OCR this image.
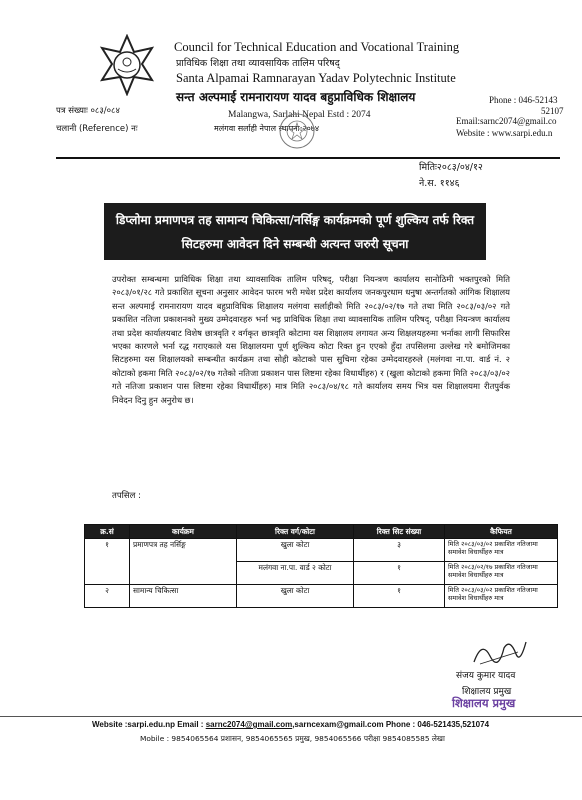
Council for Technical Education and Vocational Training
प्राविधिक शिक्षा तथा व्यावसायिक तालिम परिषद्
Santa Alpamai Ramnarayan Yadav Polytechnic Institute
सन्त अल्पमाई रामनारायण यादव बहुप्राविधिक शिक्षालय
Malangwa, Sarlahi Nepal Estd : 2074
मलंगवा सर्लाही नेपाल स्थापना:२०७४
पत्र संख्याः ०८३/०८४
चलानी (Reference) नः
Phone : 046-52143
52107
Email:sarnc2074@gmail.co
Website : www.sarpi.edu.n
मितिः२०८३/०४/१२
ने.स. ११४६
डिप्लोमा प्रमाणपत्र तह सामान्य चिकित्सा/नर्सिङ्ग कार्यक्रमको पूर्ण शुल्किय तर्फ रिक्त
सिटहरुमा आवेदन दिने सम्बन्धी अत्यन्त जरुरी सूचना
उपरोक्त सम्बन्धमा प्राविधिक शिक्षा तथा व्यावसायिक तालिम परिषद्, परीक्षा नियन्त्रण कार्यालय सानोठिमी भक्तपुरको मिति २०८३/०१/२८ गते प्रकाशित सूचना अनुसार आवेदन फारम भरी मधेश प्रदेश कार्यालय जनकपुरधाम धनुषा अन्तर्गतको आंगिक शिक्षालय सन्त अल्पमाई रामनारायण यादव बहुप्राविधिक शिक्षालय मलंगवा सर्लाहीको मिति २०८३/०२/१७ गते तथा मिति २०८३/०३/०२ गते प्रकाशित नतिजा प्रकाशनको मुख्य उम्मेदवारहरु भर्ना भइ प्राविधिक शिक्षा तथा व्यावसायिक तालिम परिषद्, परीक्षा नियन्त्रण कार्यालय तथा प्रदेश कार्यालयबाट विशेष छात्रवृति र वर्गकृत छात्रवृति कोटामा यस शिक्षालय लगायत अन्य शिक्षलयहरुमा भर्नाका लागी सिफारिस भएका कारणले भर्ना रद्ध गराएकाले यस शिक्षालयमा पूर्ण शुल्किय कोटा रिक्त हुन एएको हुँदा तपसिलमा उल्लेख गरे बमोजिमका सिटहरुमा यस शिक्षालयको सम्बन्धीत कार्यक्रम तथा सोही कोटाको पास सुचिमा रहेका उम्मेदवारहरुले (मलंगवा ना.पा. वार्ड नं. २ कोटाको हकमा मिति २०८३/०२/१७ गतेको नतिजा प्रकाशन पास लिष्टमा रहेका विधार्थीहरु) र (खुला कोटाको हकमा मिति २०८३/०३/०२ गते नतिजा प्रकाशन पास लिष्टमा रहेका विधार्थीहरु) मात्र मिति २०८३/०४/१८ गते कार्यालय समय भित्र यस शिक्षालयमा रीतपुर्वक निवेदन दिनु हुन अनुरोध छ।
तपसिल :
क्र.सं	कार्यक्रम	रिक्त वर्ग/कोटा	रिक्त सिट संख्या	कैफियत
१	प्रमाणपत्र तह नर्सिङ्ग	खुला कोटा	३	मिति २०८३/०३/०२ प्रकाशित नतिजामा समावेश विधार्थीहरु मात्र
		मलंगवा ना.पा. वार्ड २ कोटा	१	मिति २०८३/०२/१७ प्रकाशित नतिजामा समावेश विधार्थीहरु मात्र
२	सामान्य चिकित्सा	खुला कोटा	१	मिति २०८३/०३/०२ प्रकाशित नतिजामा समावेश विधार्थीहरु मात्र
संजय कुमार यादव
शिक्षालय प्रमुख
शिक्षालय प्रमुख
Website :sarpi.edu.np Email : sarnc2074@gmail.com,sarncexam@gmail.com Phone : 046-521435,521074
Mobile : 9854065564 प्रशासन, 9854065565 प्रमुख, 9854065566 परीक्षा 9854085585 लेखा
